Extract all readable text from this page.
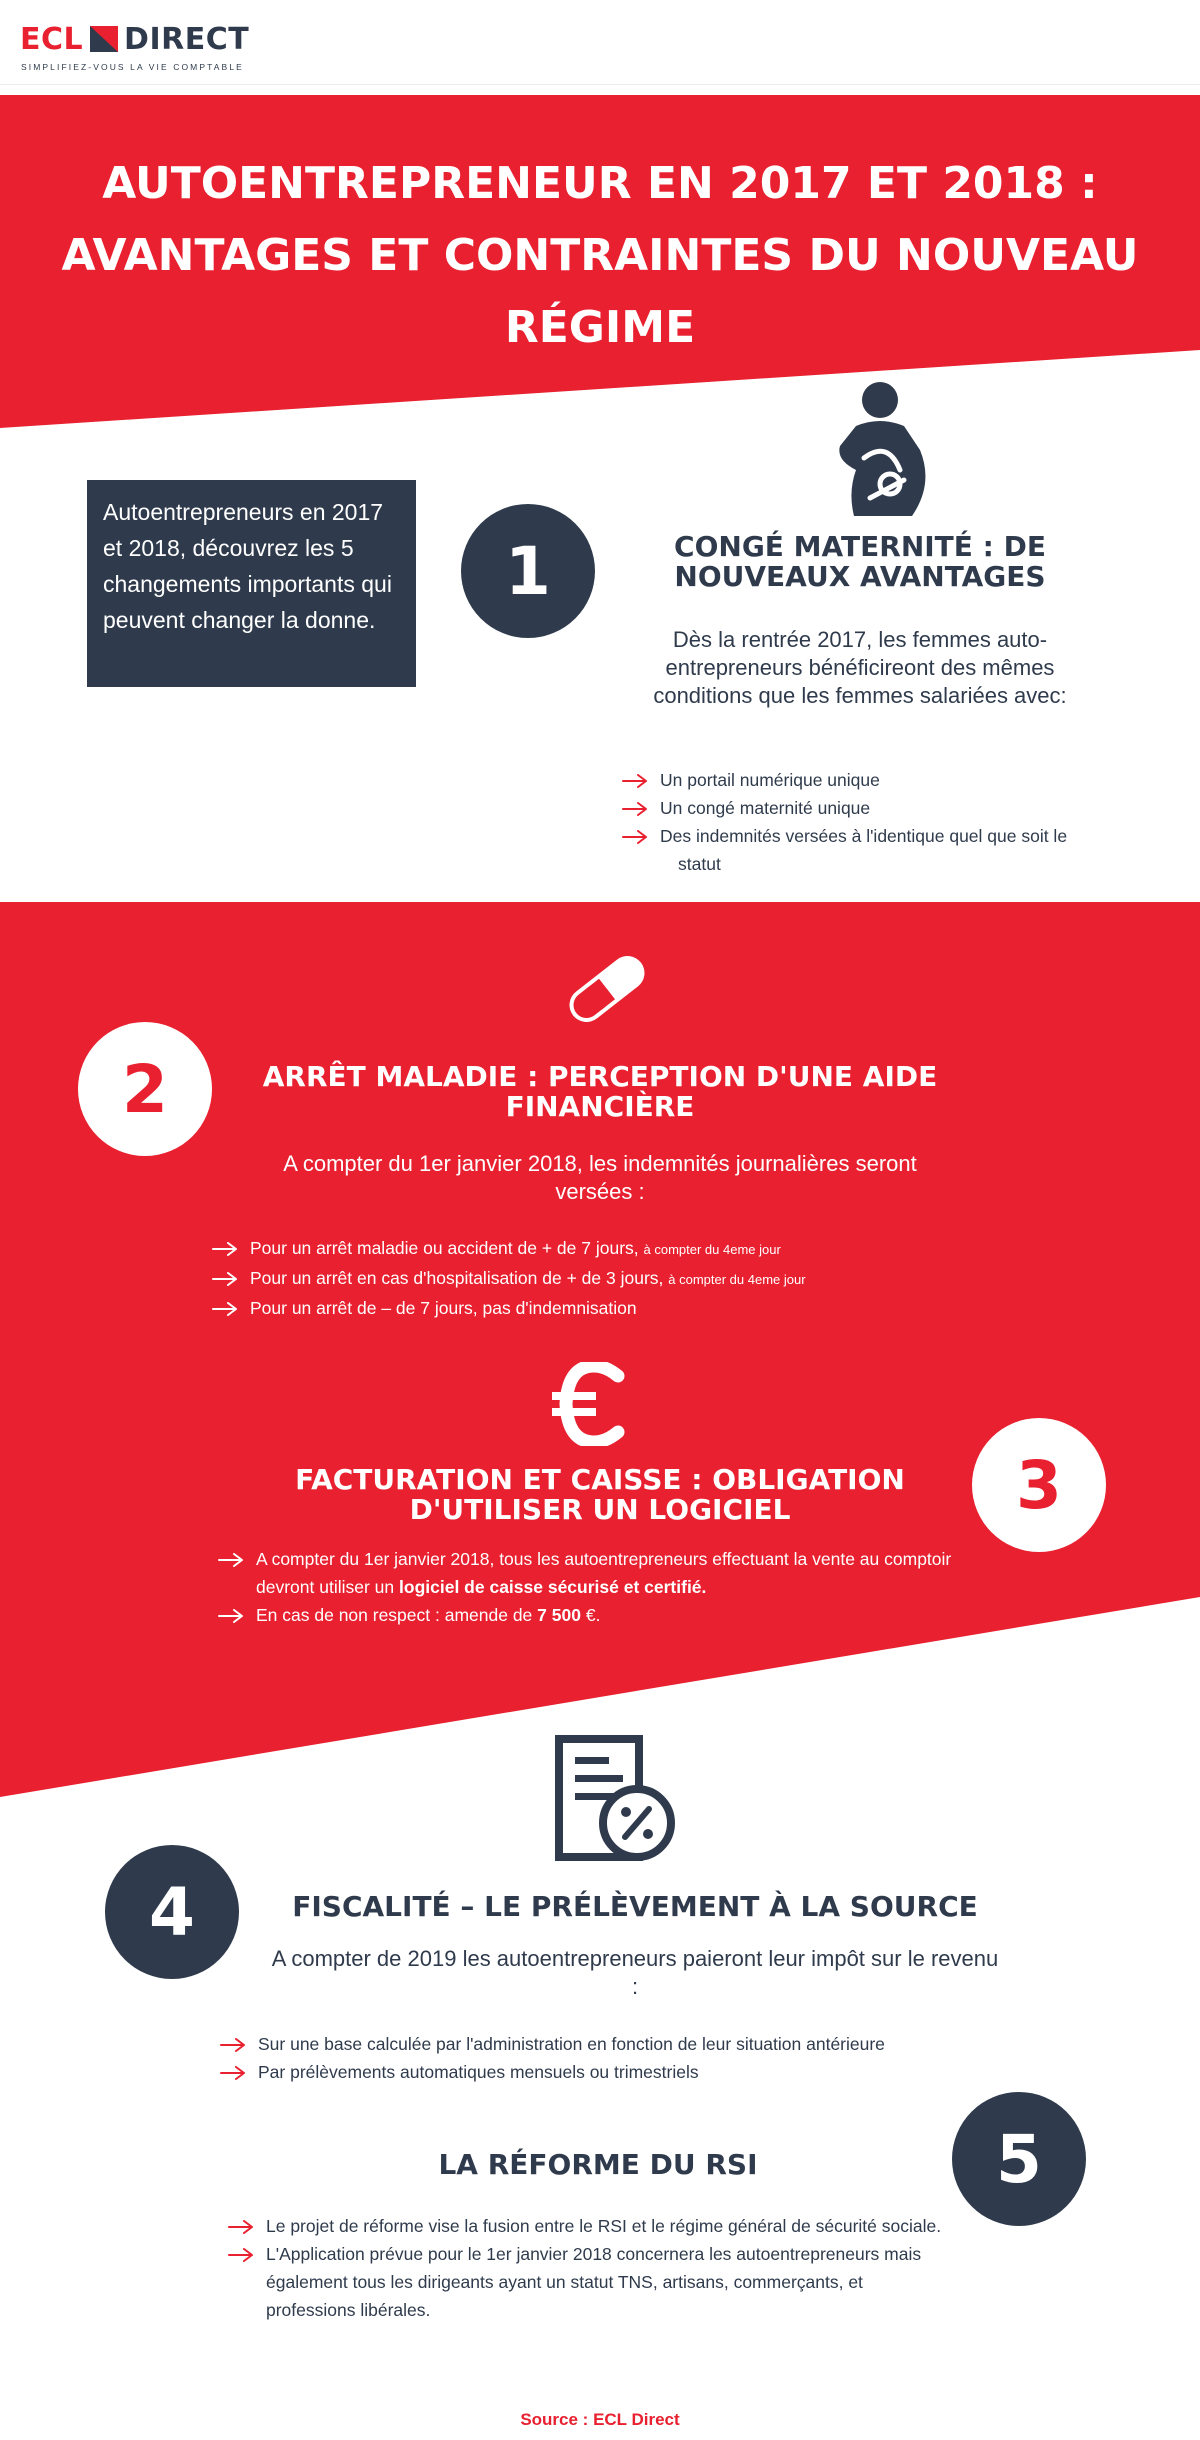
ECL DIRECT
SIMPLIFIEZ-VOUS LA VIE COMPTABLE
AUTOENTREPRENEUR EN 2017 ET 2018 : AVANTAGES ET CONTRAINTES DU NOUVEAU RÉGIME
Autoentrepreneurs en 2017 et 2018, découvrez les 5 changements importants qui peuvent changer la donne.
1	CONGÉ MATERNITÉ : DE NOUVEAUX AVANTAGES

Dès la rentrée 2017, les femmes auto-entrepreneurs bénéficireont des mêmes conditions que les femmes salariées avec:

Un portail numérique unique
Un congé maternité unique
Des indemnités versées à l'identique quel que soit le statut
2	ARRÊT MALADIE : PERCEPTION D'UNE AIDE FINANCIÈRE

A compter du 1er janvier 2018, les indemnités journalières seront versées :

Pour un arrêt maladie ou accident de + de 7 jours, à compter du 4eme jour
Pour un arrêt en cas d'hospitalisation de + de 3 jours, à compter du 4eme jour
Pour un arrêt de – de 7 jours, pas d'indemnisation
3
FACTURATION ET CAISSE : OBLIGATION D'UTILISER UN LOGICIEL
A compter du 1er janvier 2018, tous les autoentrepreneurs effectuant la vente au comptoir devront utiliser un logiciel de caisse sécurisé et certifié.
En cas de non respect : amende de 7 500 €.
4	FISCALITÉ – LE PRÉLÈVEMENT À LA SOURCE

A compter de 2019 les autoentrepreneurs paieront leur impôt sur le revenu :

Sur une base calculée par l'administration en fonction de leur situation antérieure
Par prélèvements automatiques mensuels ou trimestriels
5
LA RÉFORME DU RSI
Le projet de réforme vise la fusion entre le RSI et le régime général de sécurité sociale.
L'Application prévue pour le 1er janvier 2018 concernera les autoentrepreneurs mais également tous les dirigeants ayant un statut TNS, artisans, commerçants, et professions libérales.
Source : ECL Direct
